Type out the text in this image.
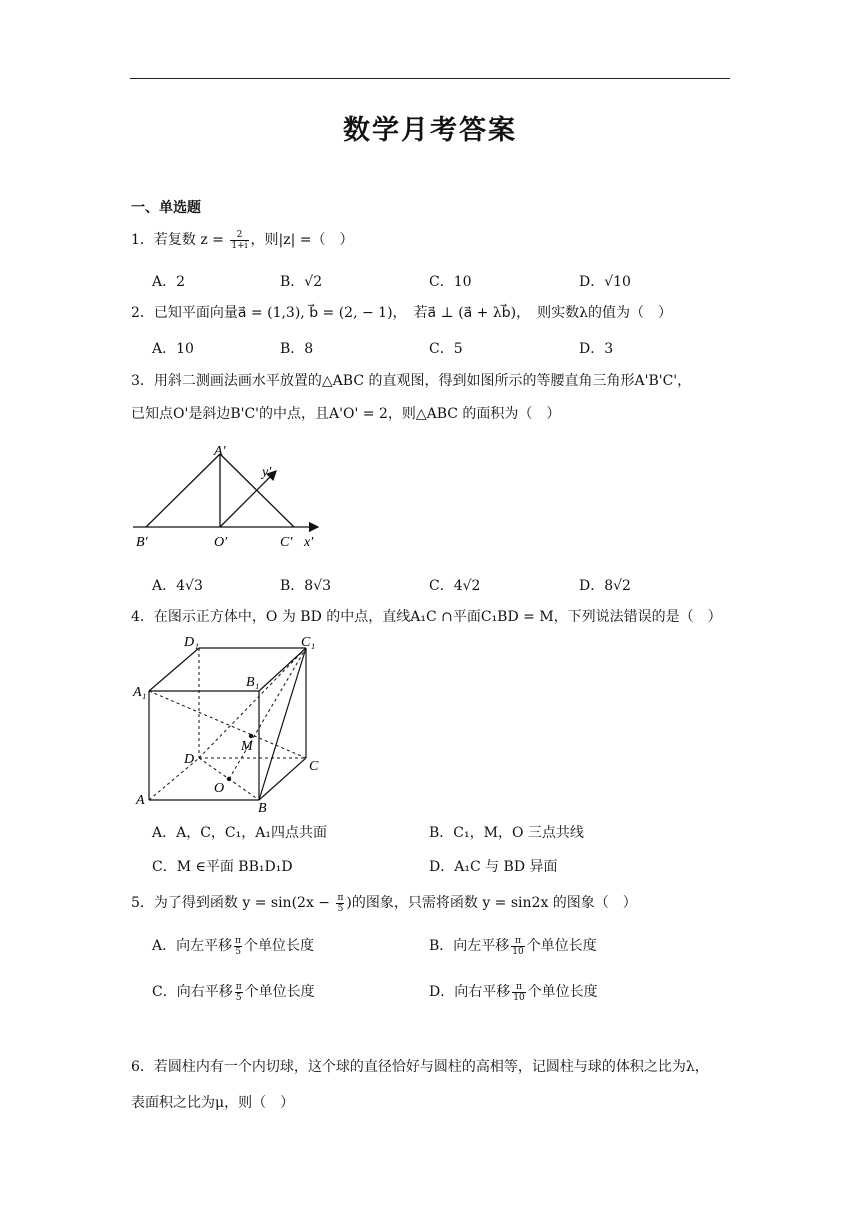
数学月考答案
一、单选题
1．若复数 $z = \frac{2}{1+i}$ ，则|z| =（　）
A．2	B．√2	C．10	D．√10
2．已知平面向量a⃗ = (1,3), b⃗ = (2, − 1)，　若a⃗ ⊥ (a⃗ + λb⃗)，　则实数λ的值为（　）
A．10	B．8	C．5	D．3
3．用斜二测画法画水平放置的△ABC 的直观图，得到如图所示的等腰直角三角形A'B'C'，
已知点O'是斜边B'C'的中点，且A'O' = 2，则△ABC 的面积为（　）
A′
B′	O′	C′ x′
y′
A．4√3	B．8√3	C．4√2	D．8√2
4．在图示正方体中，O 为 BD 的中点，直线A₁C ∩平面C₁BD = M，下列说法错误的是（　）
D₁	C₁
A₁
B₁
M
D	C
O
A
B
A．A，C，C₁，A₁四点共面	B．C₁，M，O 三点共线
C．M ∈平面 BB₁D₁D	D．A₁C 与 BD 异面
5．为了得到函数 $y = \sin(2x - \frac{\pi}{5}$ )的图象，只需将函数 y = sin2x 的图象（　）
A．向左平移 $\frac{\pi}{5}$ 个单位长度	B．向左平移 $\frac{\pi}{10}$ 个单位长度
C．向右平移 $\frac{\pi}{5}$ 个单位长度	D．向右平移 $\frac{\pi}{10}$ 个单位长度
6．若圆柱内有一个内切球，这个球的直径恰好与圆柱的高相等，记圆柱与球的体积之比为λ，
表面积之比为μ，则（　）
